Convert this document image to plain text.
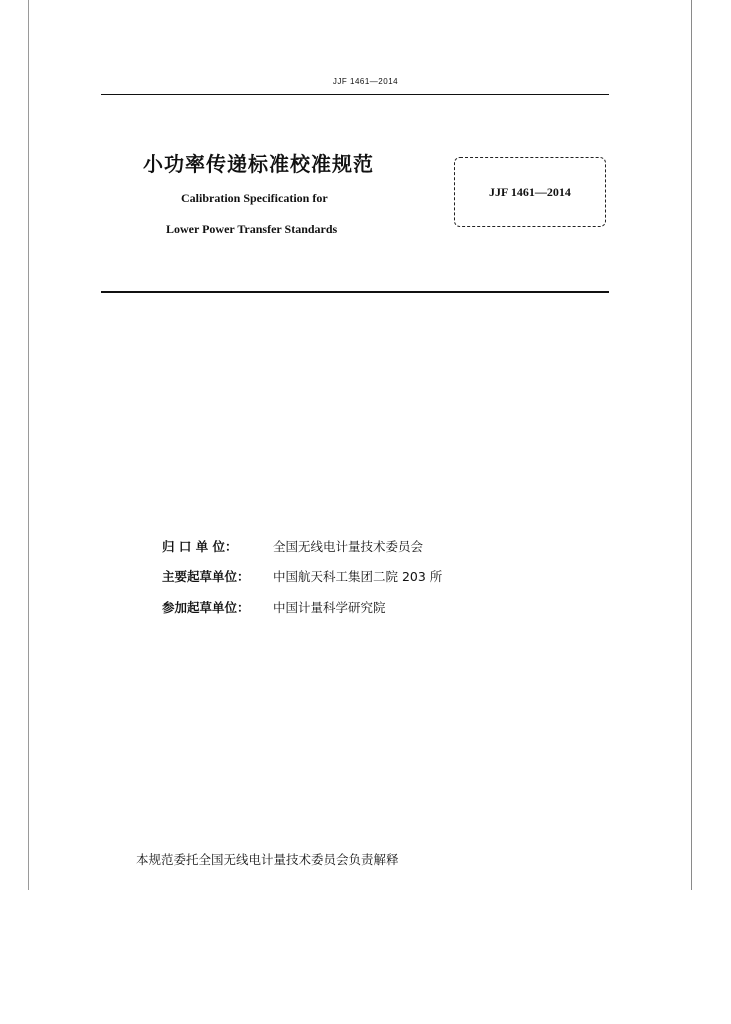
JJF 1461—2014
小功率传递标准校准规范
Calibration Specification for
Lower Power Transfer Standards
JJF 1461—2014
归 口 单 位：	全国无线电计量技术委员会
主要起草单位： 中国航天科工集团二院 203 所
参加起草单位： 中国计量科学研究院
本规范委托全国无线电计量技术委员会负责解释
